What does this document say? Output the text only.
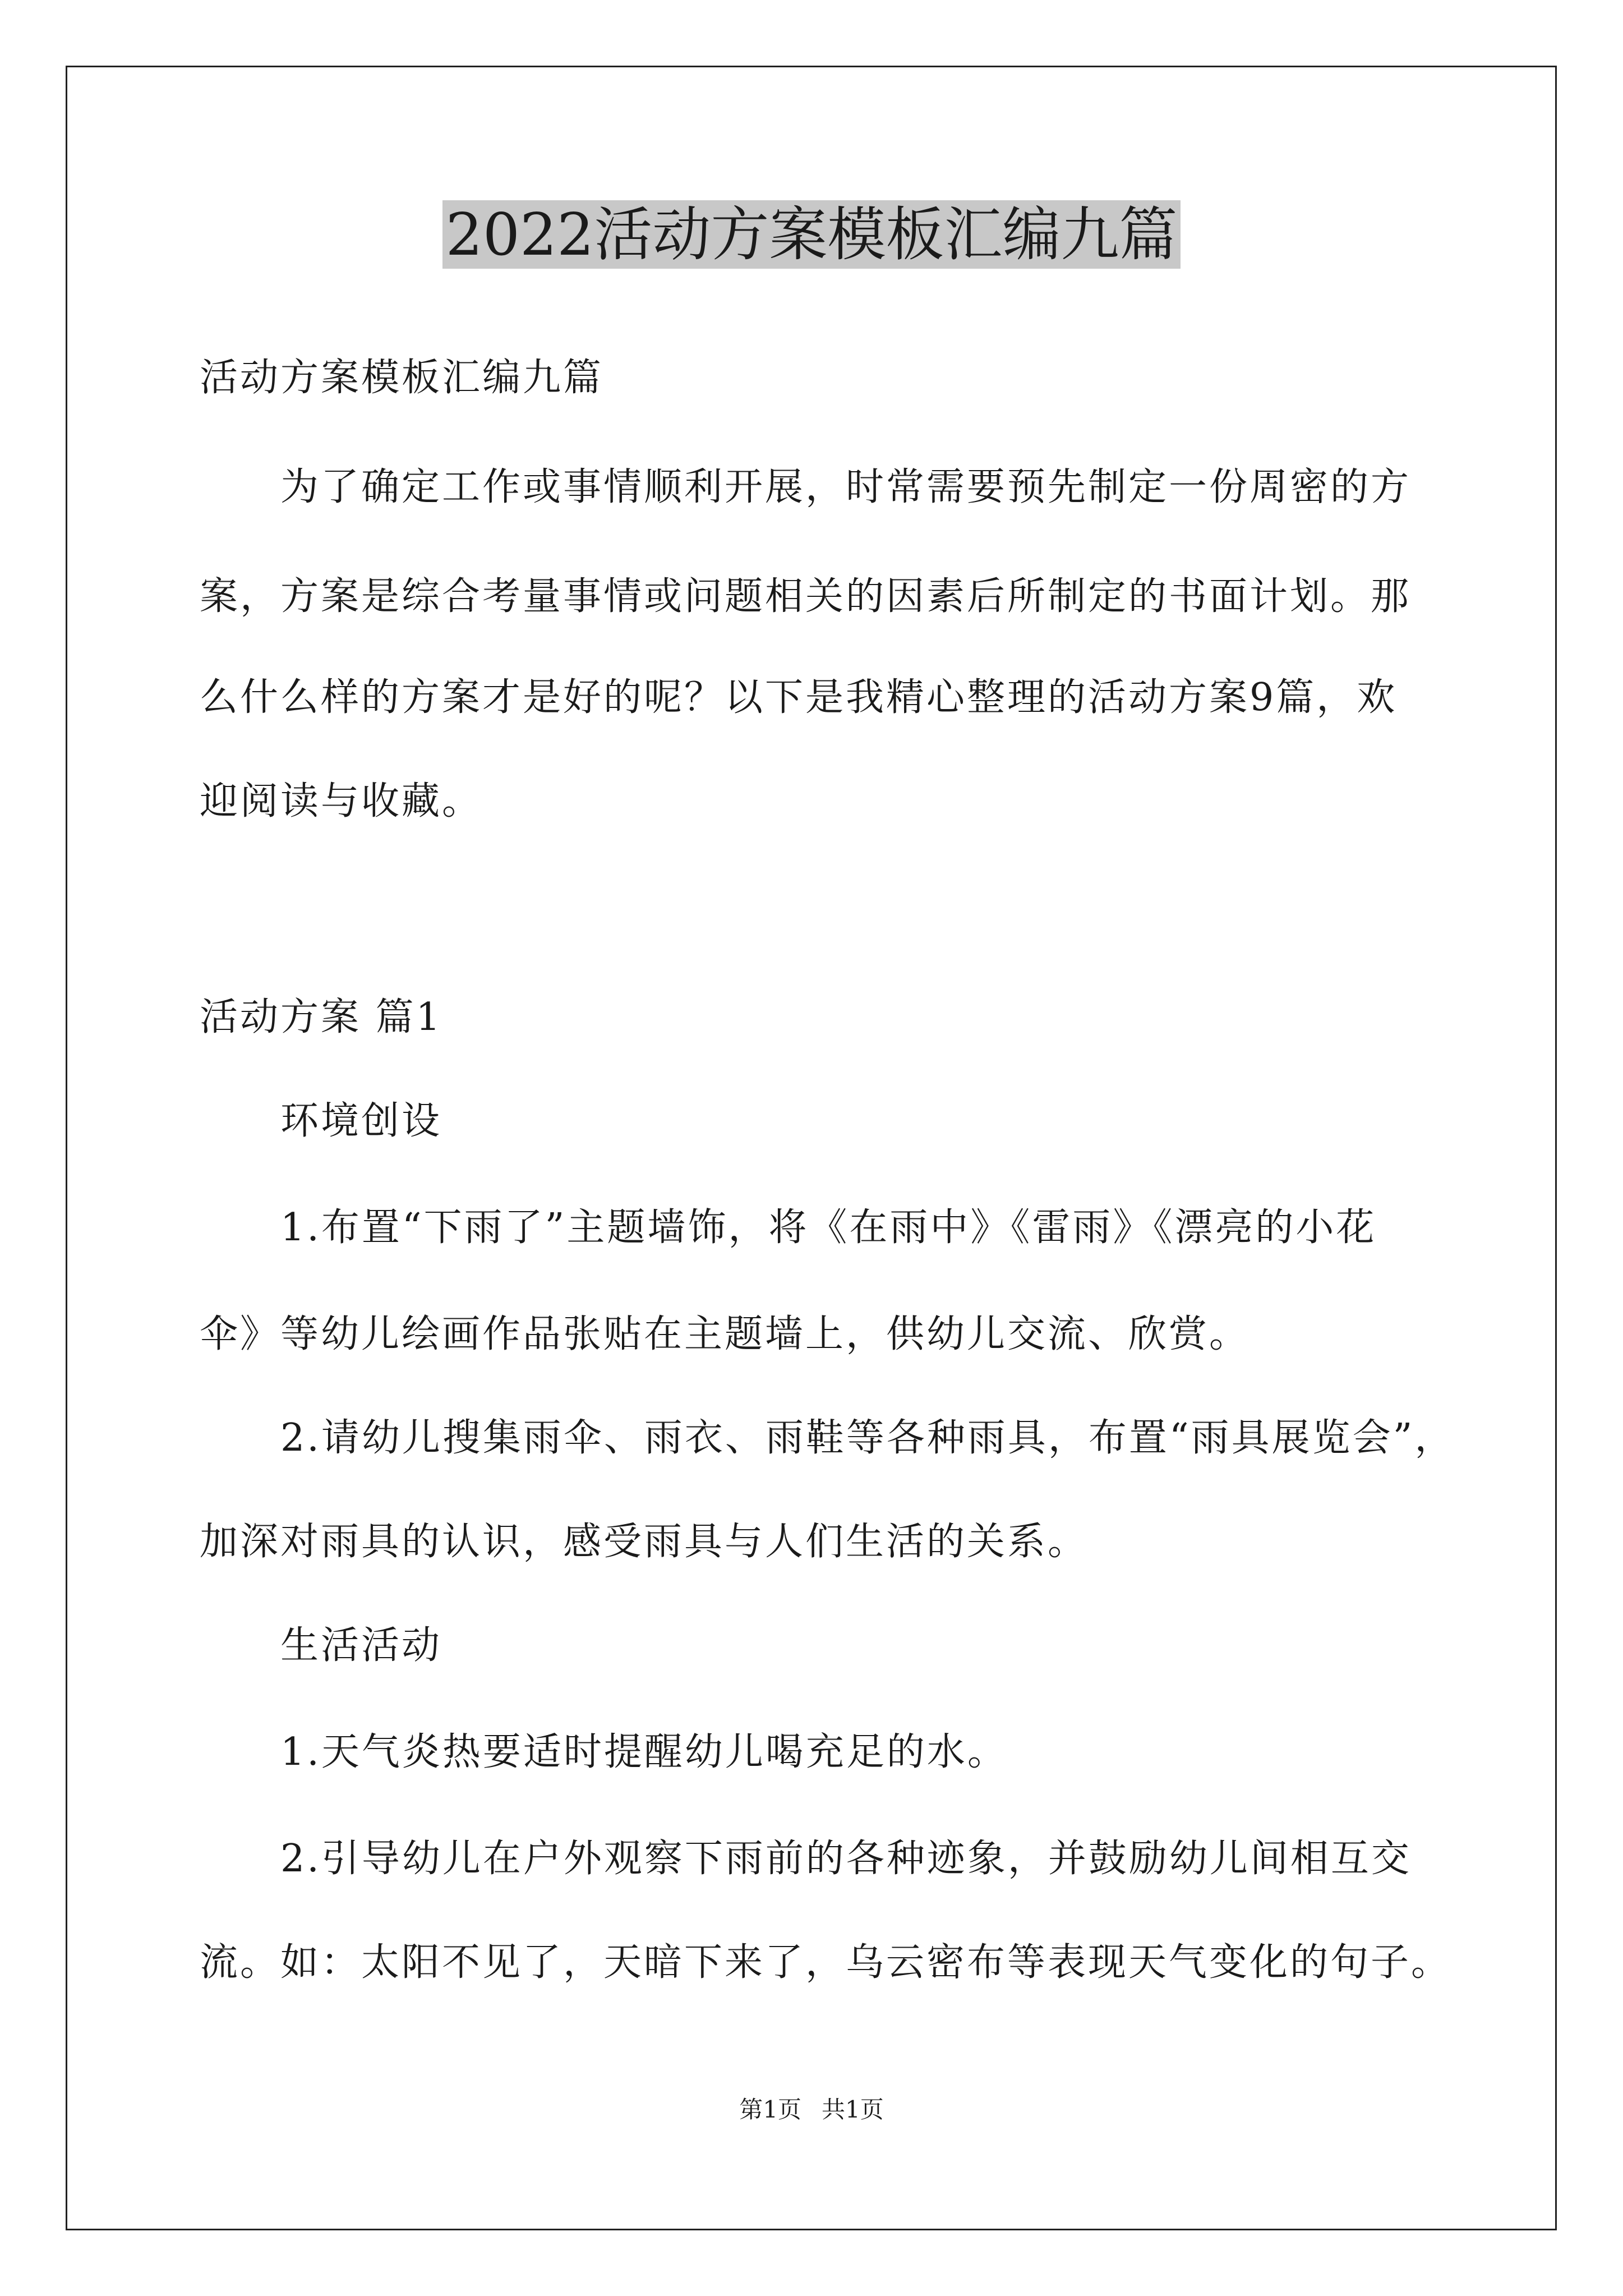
2022活动方案模板汇编九篇

活动方案模板汇编九篇

为了确定工作或事情顺利开展，时常需要预先制定一份周密的方

案，方案是综合考量事情或问题相关的因素后所制定的书面计划。那

么什么样的方案才是好的呢？以下是我精心整理的活动方案9篇，欢

迎阅读与收藏。

活动方案 篇1

环境创设

1.布置“下雨了”主题墙饰，将《在雨中》《雷雨》《漂亮的小花

伞》等幼儿绘画作品张贴在主题墙上，供幼儿交流、欣赏。

2.请幼儿搜集雨伞、雨衣、雨鞋等各种雨具，布置“雨具展览会”，

加深对雨具的认识，感受雨具与人们生活的关系。

生活活动

1.天气炎热要适时提醒幼儿喝充足的水。

2.引导幼儿在户外观察下雨前的各种迹象，并鼓励幼儿间相互交

流。如：太阳不见了，天暗下来了，乌云密布等表现天气变化的句子。

第1页 共1页
